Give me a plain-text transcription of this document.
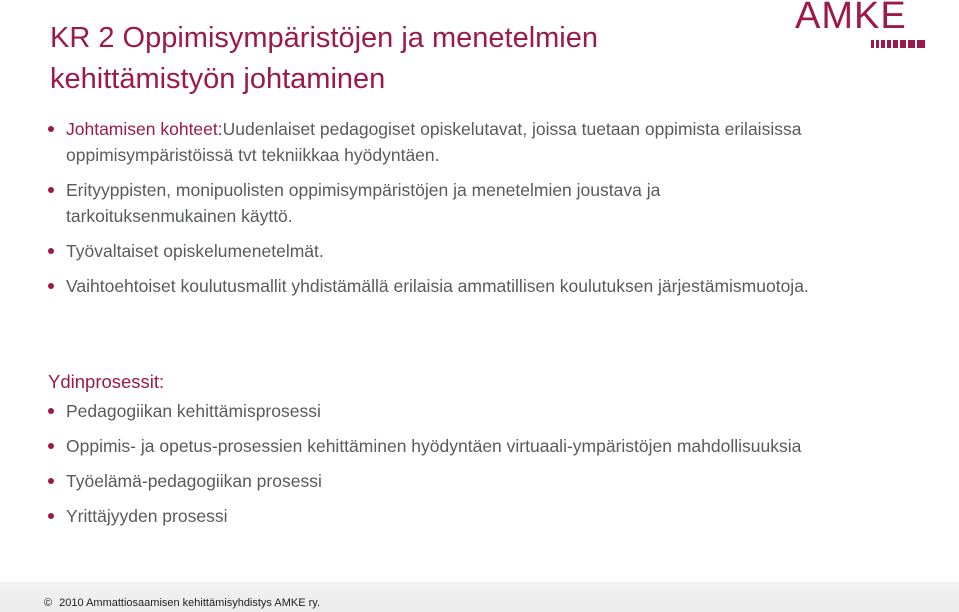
KR 2 Oppimisympäristöjen ja menetelmien
kehittämistyön johtaminen
AMKE
Johtamisen kohteet:Uudenlaiset pedagogiset opiskelutavat, joissa tuetaan oppimista erilaisissa oppimisympäristöissä tvt tekniikkaa hyödyntäen.
Erityyppisten, monipuolisten oppimisympäristöjen ja menetelmien joustava ja tarkoituksenmukainen käyttö.
Työvaltaiset opiskelumenetelmät.
Vaihtoehtoiset koulutusmallit yhdistämällä erilaisia ammatillisen koulutuksen järjestämismuotoja.
Ydinprosessit:
Pedagogiikan kehittämisprosessi
Oppimis- ja opetus-prosessien kehittäminen hyödyntäen virtuaali-ympäristöjen mahdollisuuksia
Työelämä-pedagogiikan prosessi
Yrittäjyyden prosessi
© 2010 Ammattiosaamisen kehittämisyhdistys AMKE ry.
